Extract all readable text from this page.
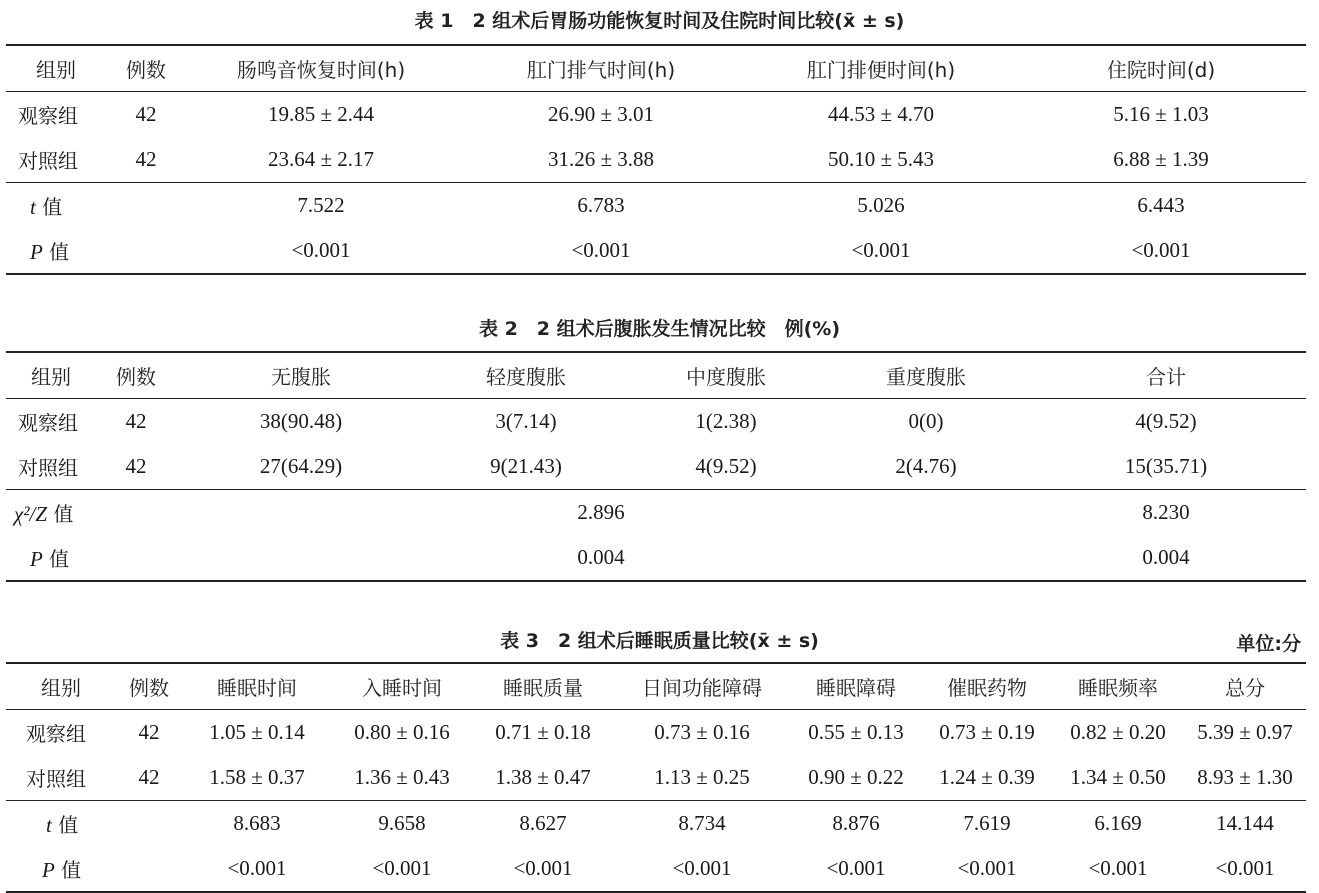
表 1　2 组术后胃肠功能恢复时间及住院时间比较(x̄ ± s)
组别	例数	肠鸣音恢复时间(h)	肛门排气时间(h)	肛门排便时间(h)	住院时间(d)
观察组	42	19.85 ± 2.44	26.90 ± 3.01	44.53 ± 4.70	5.16 ± 1.03
对照组	42	23.64 ± 2.17	31.26 ± 3.88	50.10 ± 5.43	6.88 ± 1.39
t 值		7.522	6.783	5.026	6.443
P 值		<0.001	<0.001	<0.001	<0.001
表 2　2 组术后腹胀发生情况比较　例(%)
组别	例数	无腹胀	轻度腹胀	中度腹胀	重度腹胀	合计
观察组	42	38(90.48)	3(7.14)	1(2.38)	0(0)	4(9.52)
对照组	42	27(64.29)	9(21.43)	4(9.52)	2(4.76)	15(35.71)
χ²/Z 值		2.896				8.230
P 值		0.004				0.004
表 3　2 组术后睡眠质量比较(x̄ ± s)	单位:分
组别	例数	睡眠时间	入睡时间	睡眠质量	日间功能障碍	睡眠障碍	催眠药物	睡眠频率	总分
观察组	42	1.05 ± 0.14	0.80 ± 0.16	0.71 ± 0.18	0.73 ± 0.16	0.55 ± 0.13	0.73 ± 0.19	0.82 ± 0.20	5.39 ± 0.97
对照组	42	1.58 ± 0.37	1.36 ± 0.43	1.38 ± 0.47	1.13 ± 0.25	0.90 ± 0.22	1.24 ± 0.39	1.34 ± 0.50	8.93 ± 1.30
t 值		8.683	9.658	8.627	8.734	8.876	7.619	6.169	14.144
P 值		<0.001	<0.001	<0.001	<0.001	<0.001	<0.001	<0.001	<0.001
